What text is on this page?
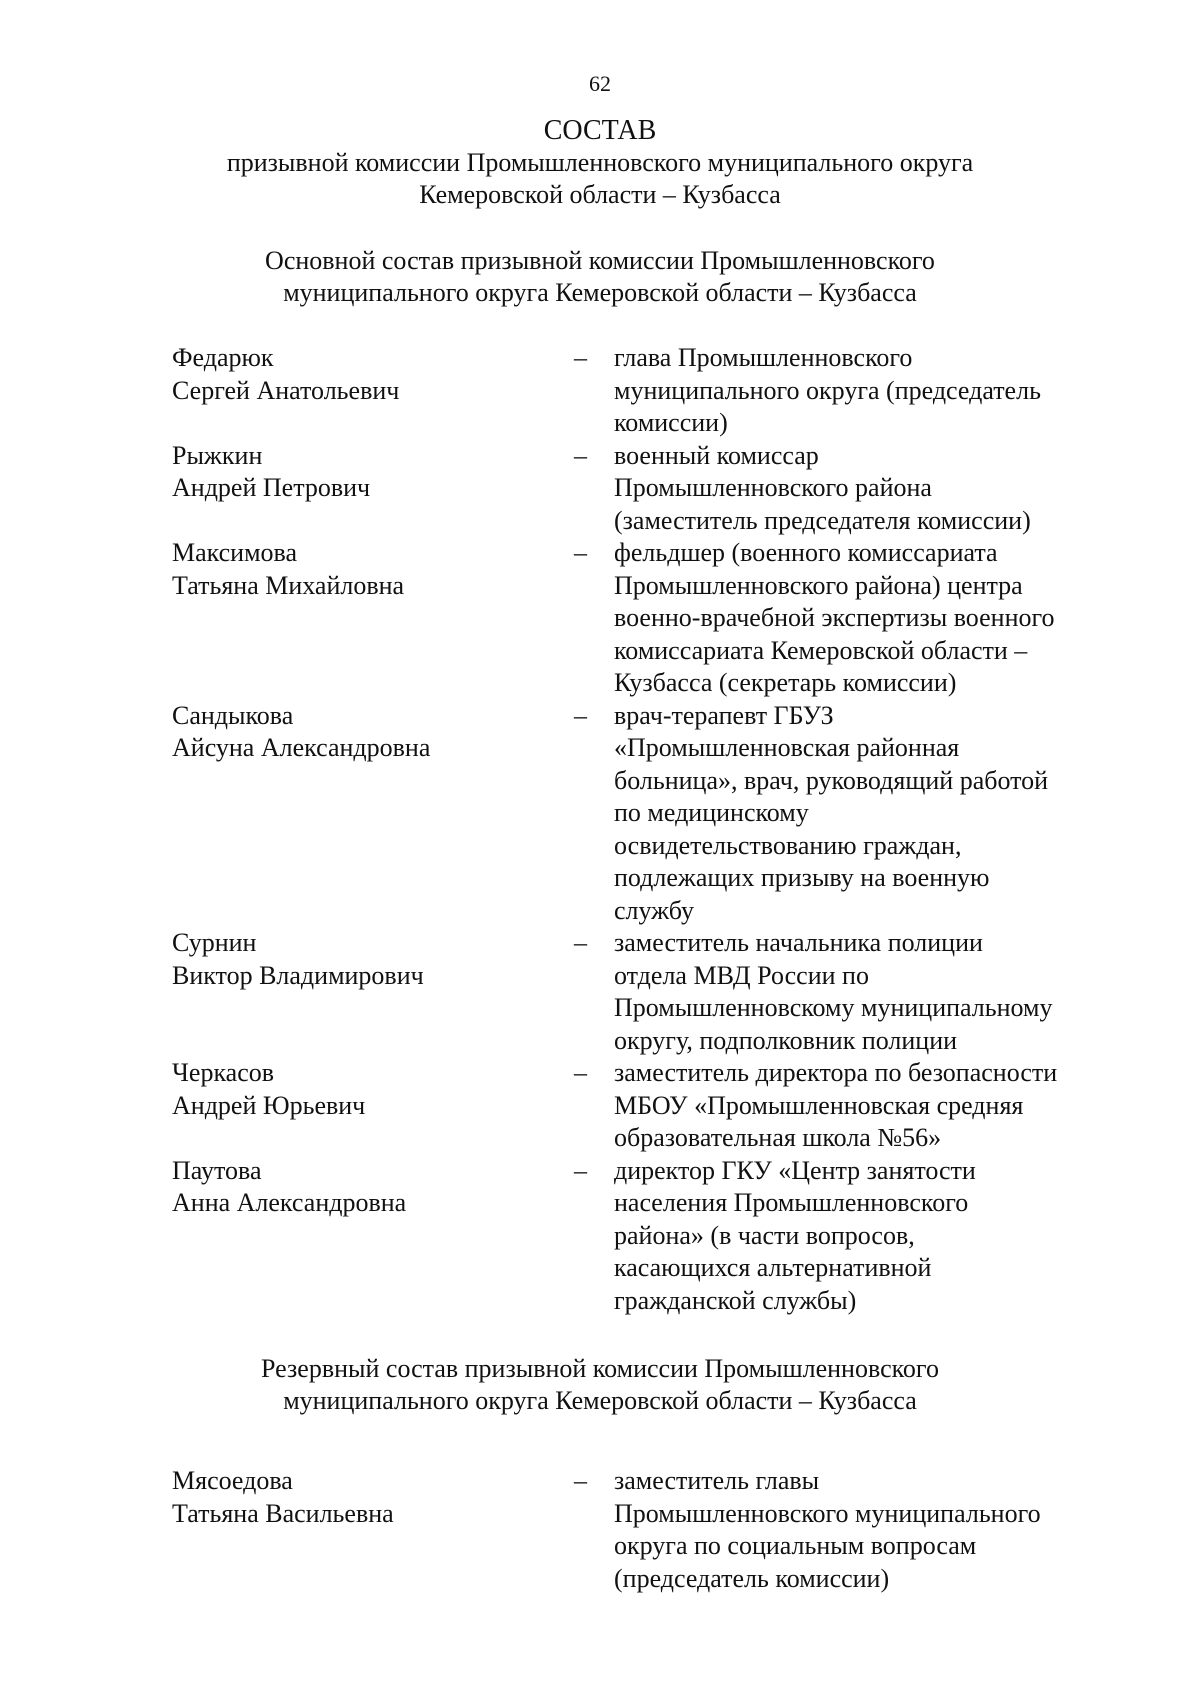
62
СОСТАВ
призывной комиссии Промышленновского муниципального округа
Кемеровской области – Кузбасса
Основной состав призывной комиссии Промышленновского
муниципального округа Кемеровской области – Кузбасса
Федарюк
Сергей Анатольевич
– глава Промышленновского
муниципального округа (председатель
комиссии)
Рыжкин
Андрей Петрович
– военный комиссар
Промышленновского района
(заместитель председателя комиссии)
Максимова
Татьяна Михайловна
– фельдшер (военного комиссариата
Промышленновского района) центра
военно-врачебной экспертизы военного
комиссариата Кемеровской области –
Кузбасса (секретарь комиссии)
Сандыкова
Айсуна Александровна
– врач-терапевт ГБУЗ
«Промышленновская районная
больница», врач, руководящий работой
по медицинскому
освидетельствованию граждан,
подлежащих призыву на военную
службу
Сурнин
Виктор Владимирович
– заместитель начальника полиции
отдела МВД России по
Промышленновскому муниципальному
округу, подполковник полиции
Черкасов
Андрей Юрьевич
– заместитель директора по безопасности
МБОУ «Промышленновская средняя
образовательная школа №56»
Паутова
Анна Александровна
– директор ГКУ «Центр занятости
населения Промышленновского
района» (в части вопросов,
касающихся альтернативной
гражданской службы)
Резервный состав призывной комиссии Промышленновского
муниципального округа Кемеровской области – Кузбасса
Мясоедова
Татьяна Васильевна
– заместитель главы
Промышленновского муниципального
округа по социальным вопросам
(председатель комиссии)
